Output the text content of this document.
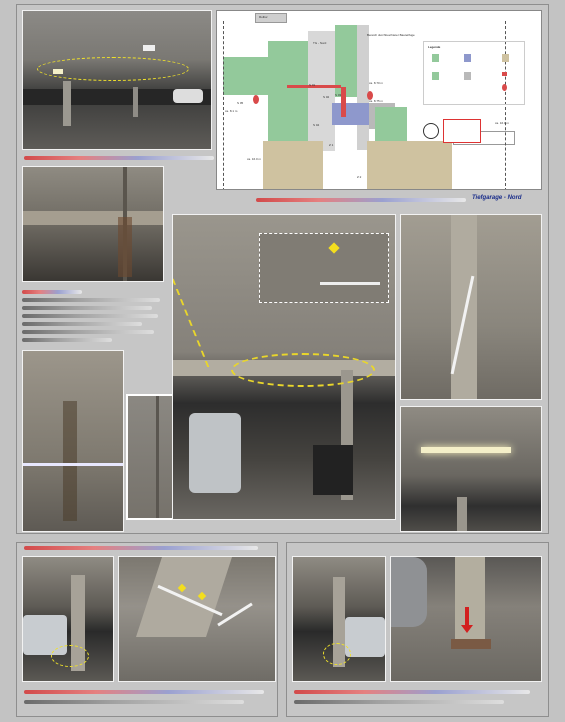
Rolltor
TG - Nord
S 01
S 02 S 03
S 04
S 05
Z 1
Z 2
ca. 8.1 m
ca. 16.0 m
ca. 8.70 m
ca. 8.75 m
ca. 16.0 m
Bereich durchfeuchteter Bauteilfuge
Legende
Tiefgarage - Nord
